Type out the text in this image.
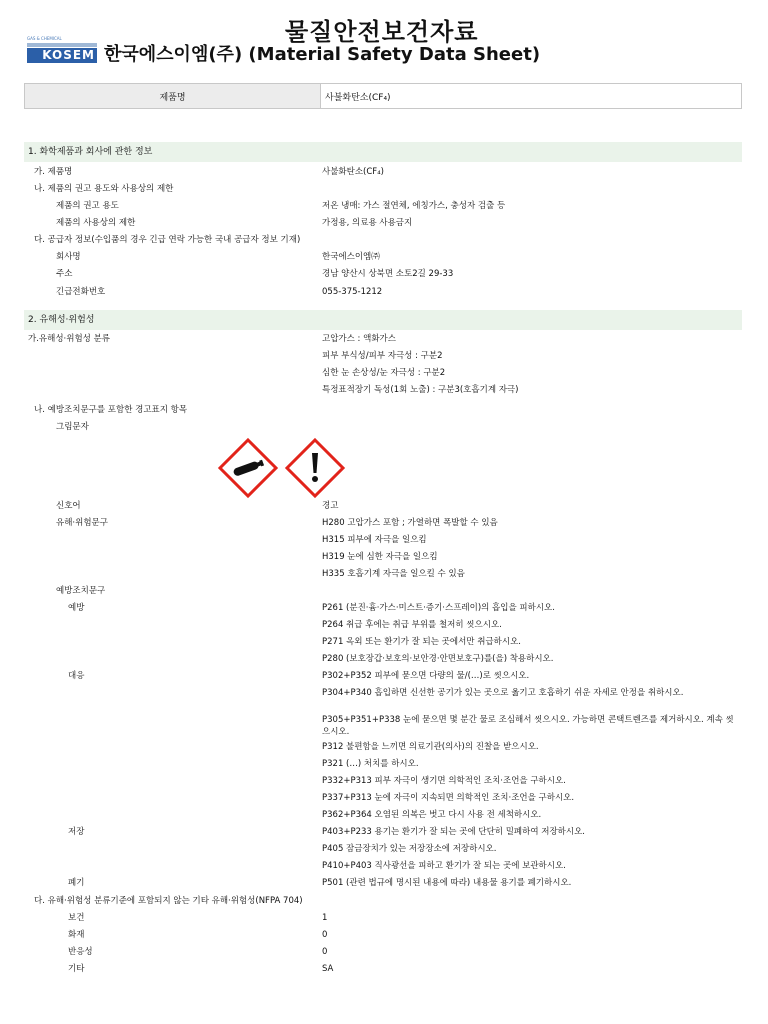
물질안전보건자료
GAS & CHEMICAL
KOSEM 한국에스이엠(주) (Material Safety Data Sheet)
제품명	사불화탄소(CF₄)
1. 화학제품과 회사에 관한 정보
가. 제품명	사불화탄소(CF₄)
나. 제품의 권고 용도와 사용상의 제한
제품의 권고 용도	저온 냉매: 가스 절연체, 에칭가스, 충성자 검출 등
제품의 사용상의 제한	가정용, 의료용 사용금지
다. 공급자 정보(수입품의 경우 긴급 연락 가능한 국내 공급자 정보 기재)
회사명	한국에스이엠㈜
주소	경남 양산시 상북면 소토2길 29-33
긴급전화번호	055-375-1212
2. 유해성·위험성
가.유해성·위험성 분류	고압가스 : 액화가스
피부 부식성/피부 자극성 : 구분2
심한 눈 손상성/눈 자극성 : 구분2
특정표적장기 독성(1회 노출) : 구분3(호흡기계 자극)
나. 예방조치문구를 포함한 경고표지 항목
그림문자
신호어	경고
유해·위험문구	H280 고압가스 포함 ; 가열하면 폭발할 수 있음
H315 피부에 자극을 일으킴
H319 눈에 심한 자극을 일으킴
H335 호흡기계 자극을 일으킬 수 있음
예방조치문구
예방	P261 (분진·흄·가스·미스트·증기·스프레이)의 흡입을 피하시오.
P264 취급 후에는 취급 부위를 철저히 씻으시오.
P271 옥외 또는 환기가 잘 되는 곳에서만 취급하시오.
P280 (보호장갑·보호의·보안경·안면보호구)를(을) 착용하시오.
대응	P302+P352 피부에 묻으면 다량의 물/(…)로 씻으시오.
P304+P340 흡입하면 신선한 공기가 있는 곳으로 옮기고 호흡하기 쉬운 자세로 안정을 취하시오.
P305+P351+P338 눈에 묻으면 몇 분간 물로 조심해서 씻으시오. 가능하면 콘택트렌즈를 제거하시오. 계속 씻으시오.
P312 불편함을 느끼면 의료기관(의사)의 진찰을 받으시오.
P321 (…) 처치를 하시오.
P332+P313 피부 자극이 생기면 의학적인 조치·조언을 구하시오.
P337+P313 눈에 자극이 지속되면 의학적인 조치·조언을 구하시오.
P362+P364 오염된 의복은 벗고 다시 사용 전 세척하시오.
저장	P403+P233 용기는 환기가 잘 되는 곳에 단단히 밀폐하여 저장하시오.
P405 잠금장치가 있는 저장장소에 저장하시오.
P410+P403 직사광선을 피하고 환기가 잘 되는 곳에 보관하시오.
폐기	P501 (관련 법규에 명시된 내용에 따라) 내용물 용기를 폐기하시오.
다. 유해·위험성 분류기준에 포함되지 않는 기타 유해·위험성(NFPA 704)
보건	1
화재	0
반응성	0
기타	SA
